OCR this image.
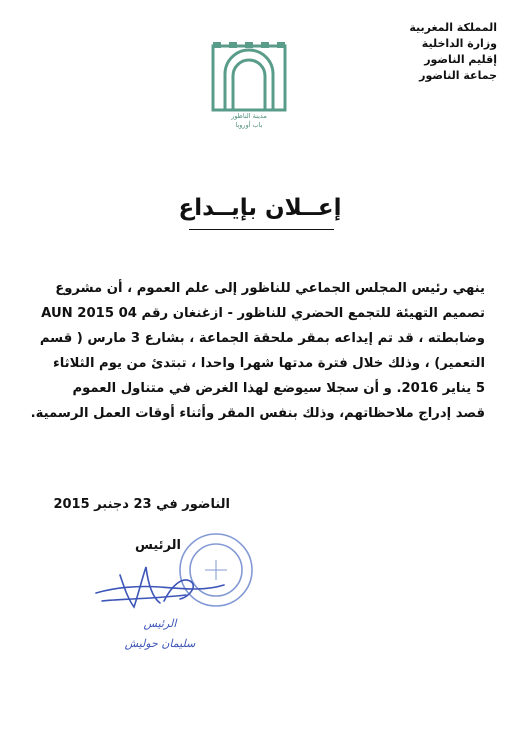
المملكة المغربية
وزارة الداخلية
إقليم الناضور
جماعة الناضور
مدينة الناظور
باب أوروبا
إعــلان بإيــداع

ينهي رئيس المجلس الجماعي للناظور إلى علم العموم ، أن مشروع

تصميم التهيئة للتجمع الحضري للناظور - ازغنغان رقم 04 AUN 2015

وضابطته ، قد تم إيداعه بمقر ملحقة الجماعة ، بشارع 3 مارس ( قسم

التعمير) ، وذلك خلال فترة مدتها شهرا واحدا ، تبتدئ من يوم الثلاثاء

5 يناير 2016. و أن سجلا سيوضع لهذا الغرض في متناول العموم

قصد إدراج ملاحظاتهم، وذلك بنفس المقر وأثناء أوقات العمل الرسمية.

الناضور في 23 دجنبر 2015
الرئيس
الرئيس
سليمان حوليش
